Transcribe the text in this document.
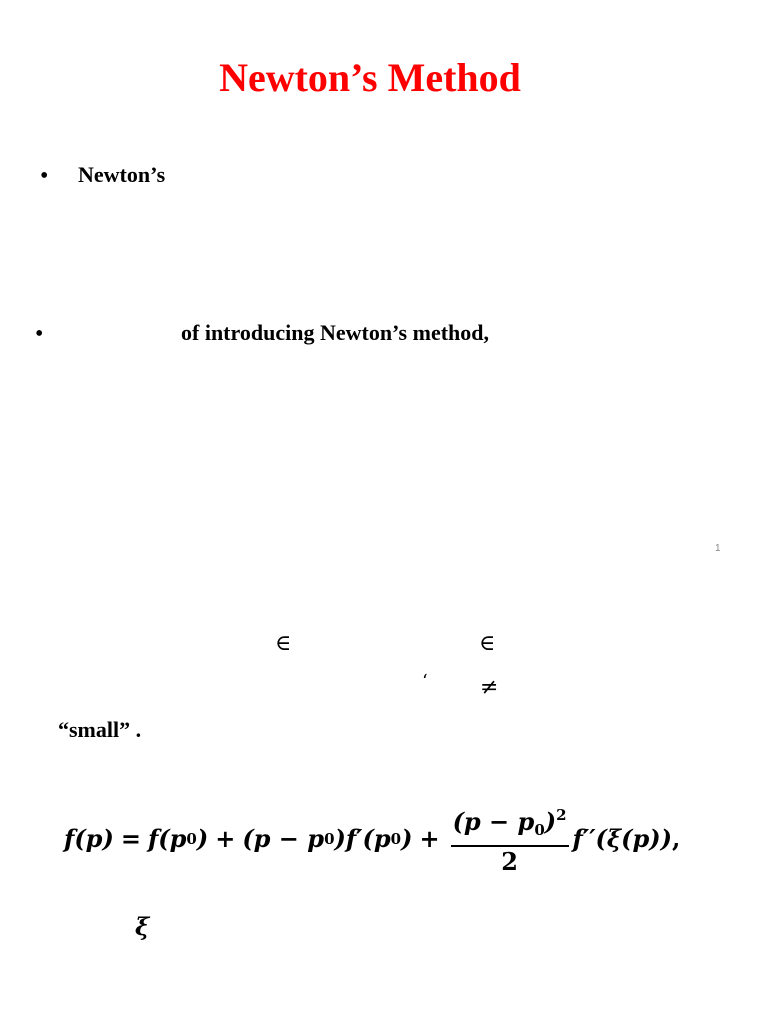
Newton’s Method
• Newton’s
•	of introducing Newton’s method,
1
∈	∈
‘ ≠
“small” .
f(p) = f(p 0 ) + (p − p 0 )f′(p 0 ) + $\frac{(p - p_0)^2}{2} f''(\xi(p))$ ,
ξ
